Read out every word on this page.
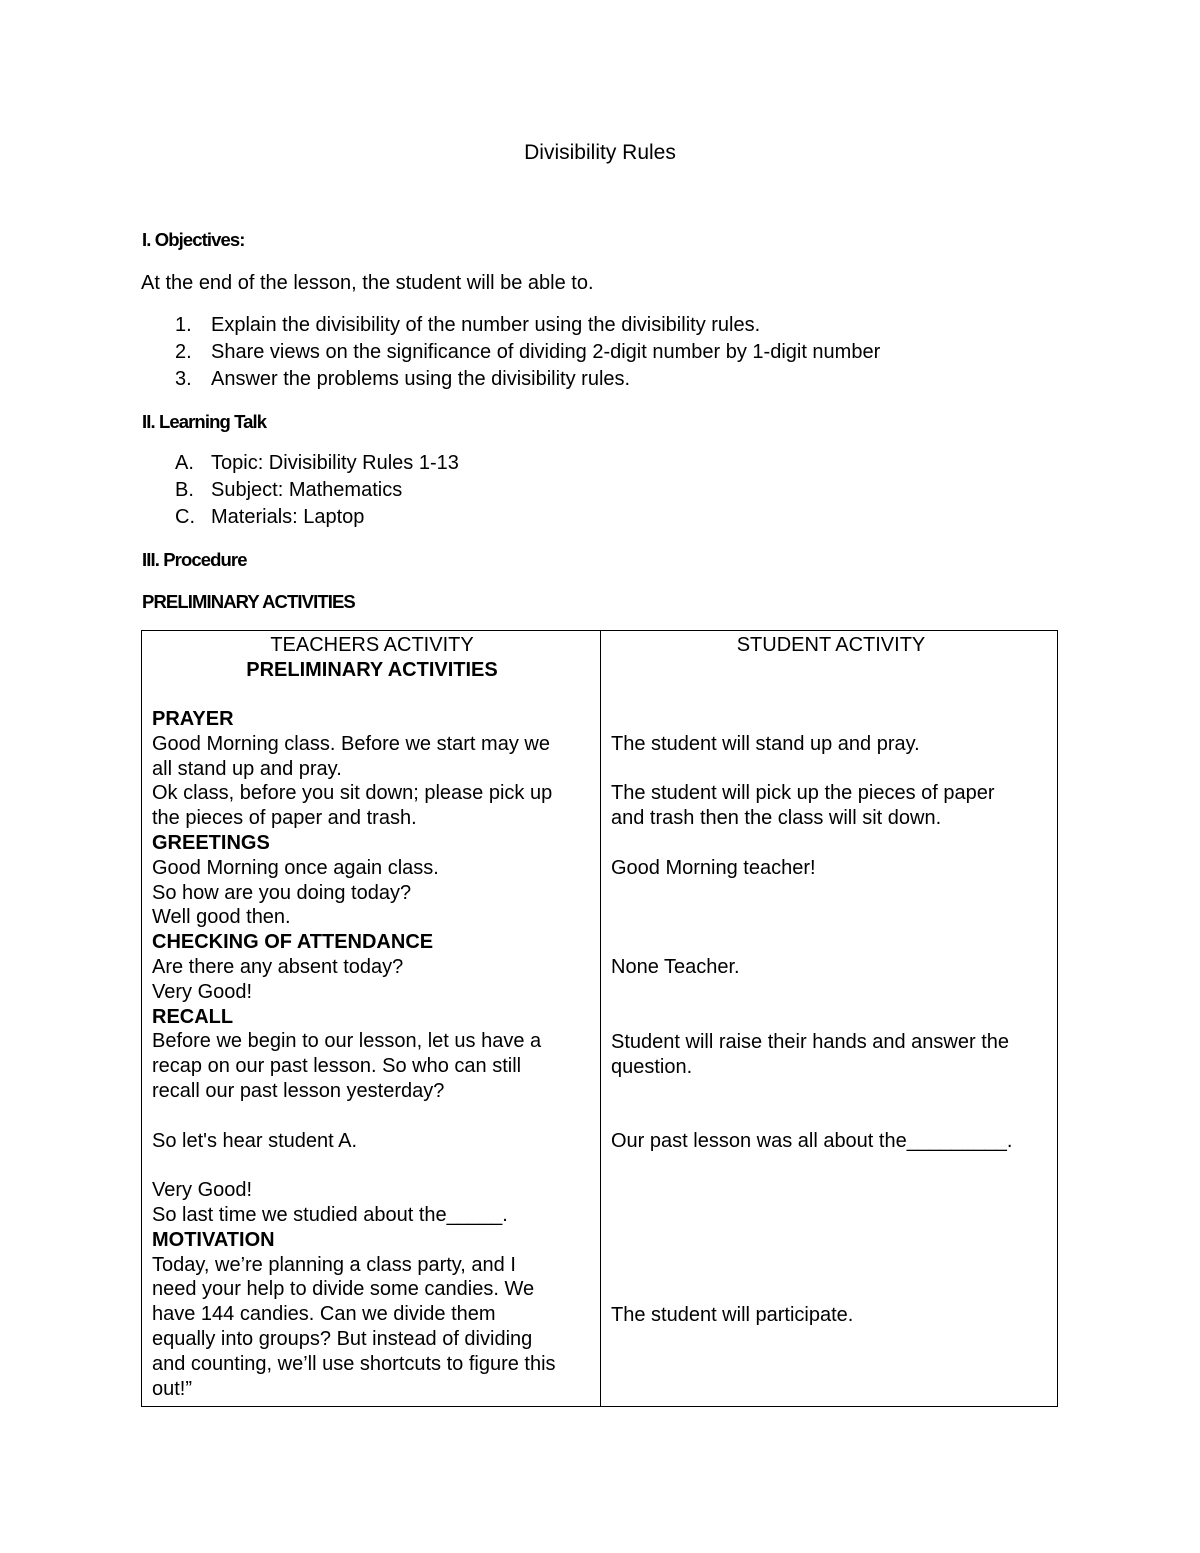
Divisibility Rules
I. Objectives:
At the end of the lesson, the student will be able to.
1. Explain the divisibility of the number using the divisibility rules.
2. Share views on the significance of dividing 2-digit number by 1-digit number
3. Answer the problems using the divisibility rules.
II. Learning Talk
A. Topic: Divisibility Rules 1-13
B. Subject: Mathematics
C. Materials: Laptop
III. Procedure
PRELIMINARY ACTIVITIES
TEACHERS ACTIVITY
PRELIMINARY ACTIVITIES
STUDENT ACTIVITY
PRAYER
Good Morning class. Before we start may we
all stand up and pray.
Ok class, before you sit down; please pick up
the pieces of paper and trash.
GREETINGS
Good Morning once again class.
So how are you doing today?
Well good then.
CHECKING OF ATTENDANCE
Are there any absent today?
Very Good!
RECALL
Before we begin to our lesson, let us have a
recap on our past lesson. So who can still
recall our past lesson yesterday?

So let's hear student A.

Very Good!
So last time we studied about the_____.
MOTIVATION
Today, we’re planning a class party, and I
need your help to divide some candies. We
have 144 candies. Can we divide them
equally into groups? But instead of dividing
and counting, we’ll use shortcuts to figure this
out!”
The student will stand up and pray.
The student will pick up the pieces of paper
and trash then the class will sit down.
Good Morning teacher!
None Teacher.
Student will raise their hands and answer the
question.
Our past lesson was all about the_________.
The student will participate.
